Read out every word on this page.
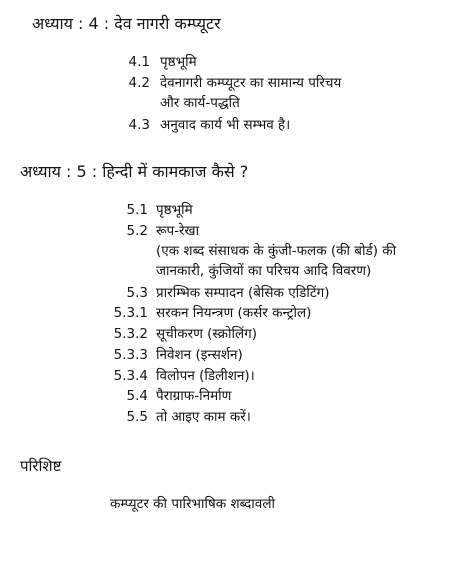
अध्याय : 4 : देव नागरी कम्प्यूटर
4.1 पृष्ठभूमि
4.2 देवनागरी कम्प्यूटर का सामान्य परिचय
और कार्य-पद्धति
4.3 अनुवाद कार्य भी सम्भव है।
अध्याय : 5 : हिन्दी में कामकाज कैसे ?
5.1 पृष्ठभूमि
5.2 रूप-रेखा
(एक शब्द संसाधक के कुंजी-फलक (की बोर्ड) की
जानकारी, कुंजियों का परिचय आदि विवरण)
5.3 प्रारम्भिक सम्पादन (बेसिक एडिटिंग)
5.3.1 सरकन नियन्त्रण (कर्सर कन्ट्रोल)
5.3.2 सूचीकरण (स्क्रोलिंग)
5.3.3 निवेशन (इन्सर्शन)
5.3.4 विलोपन (डिलीशन)।
5.4 पैराग्राफ-निर्माण
5.5 तो आइए काम करें।
परिशिष्ट
कम्प्यूटर की पारिभाषिक शब्दावली
